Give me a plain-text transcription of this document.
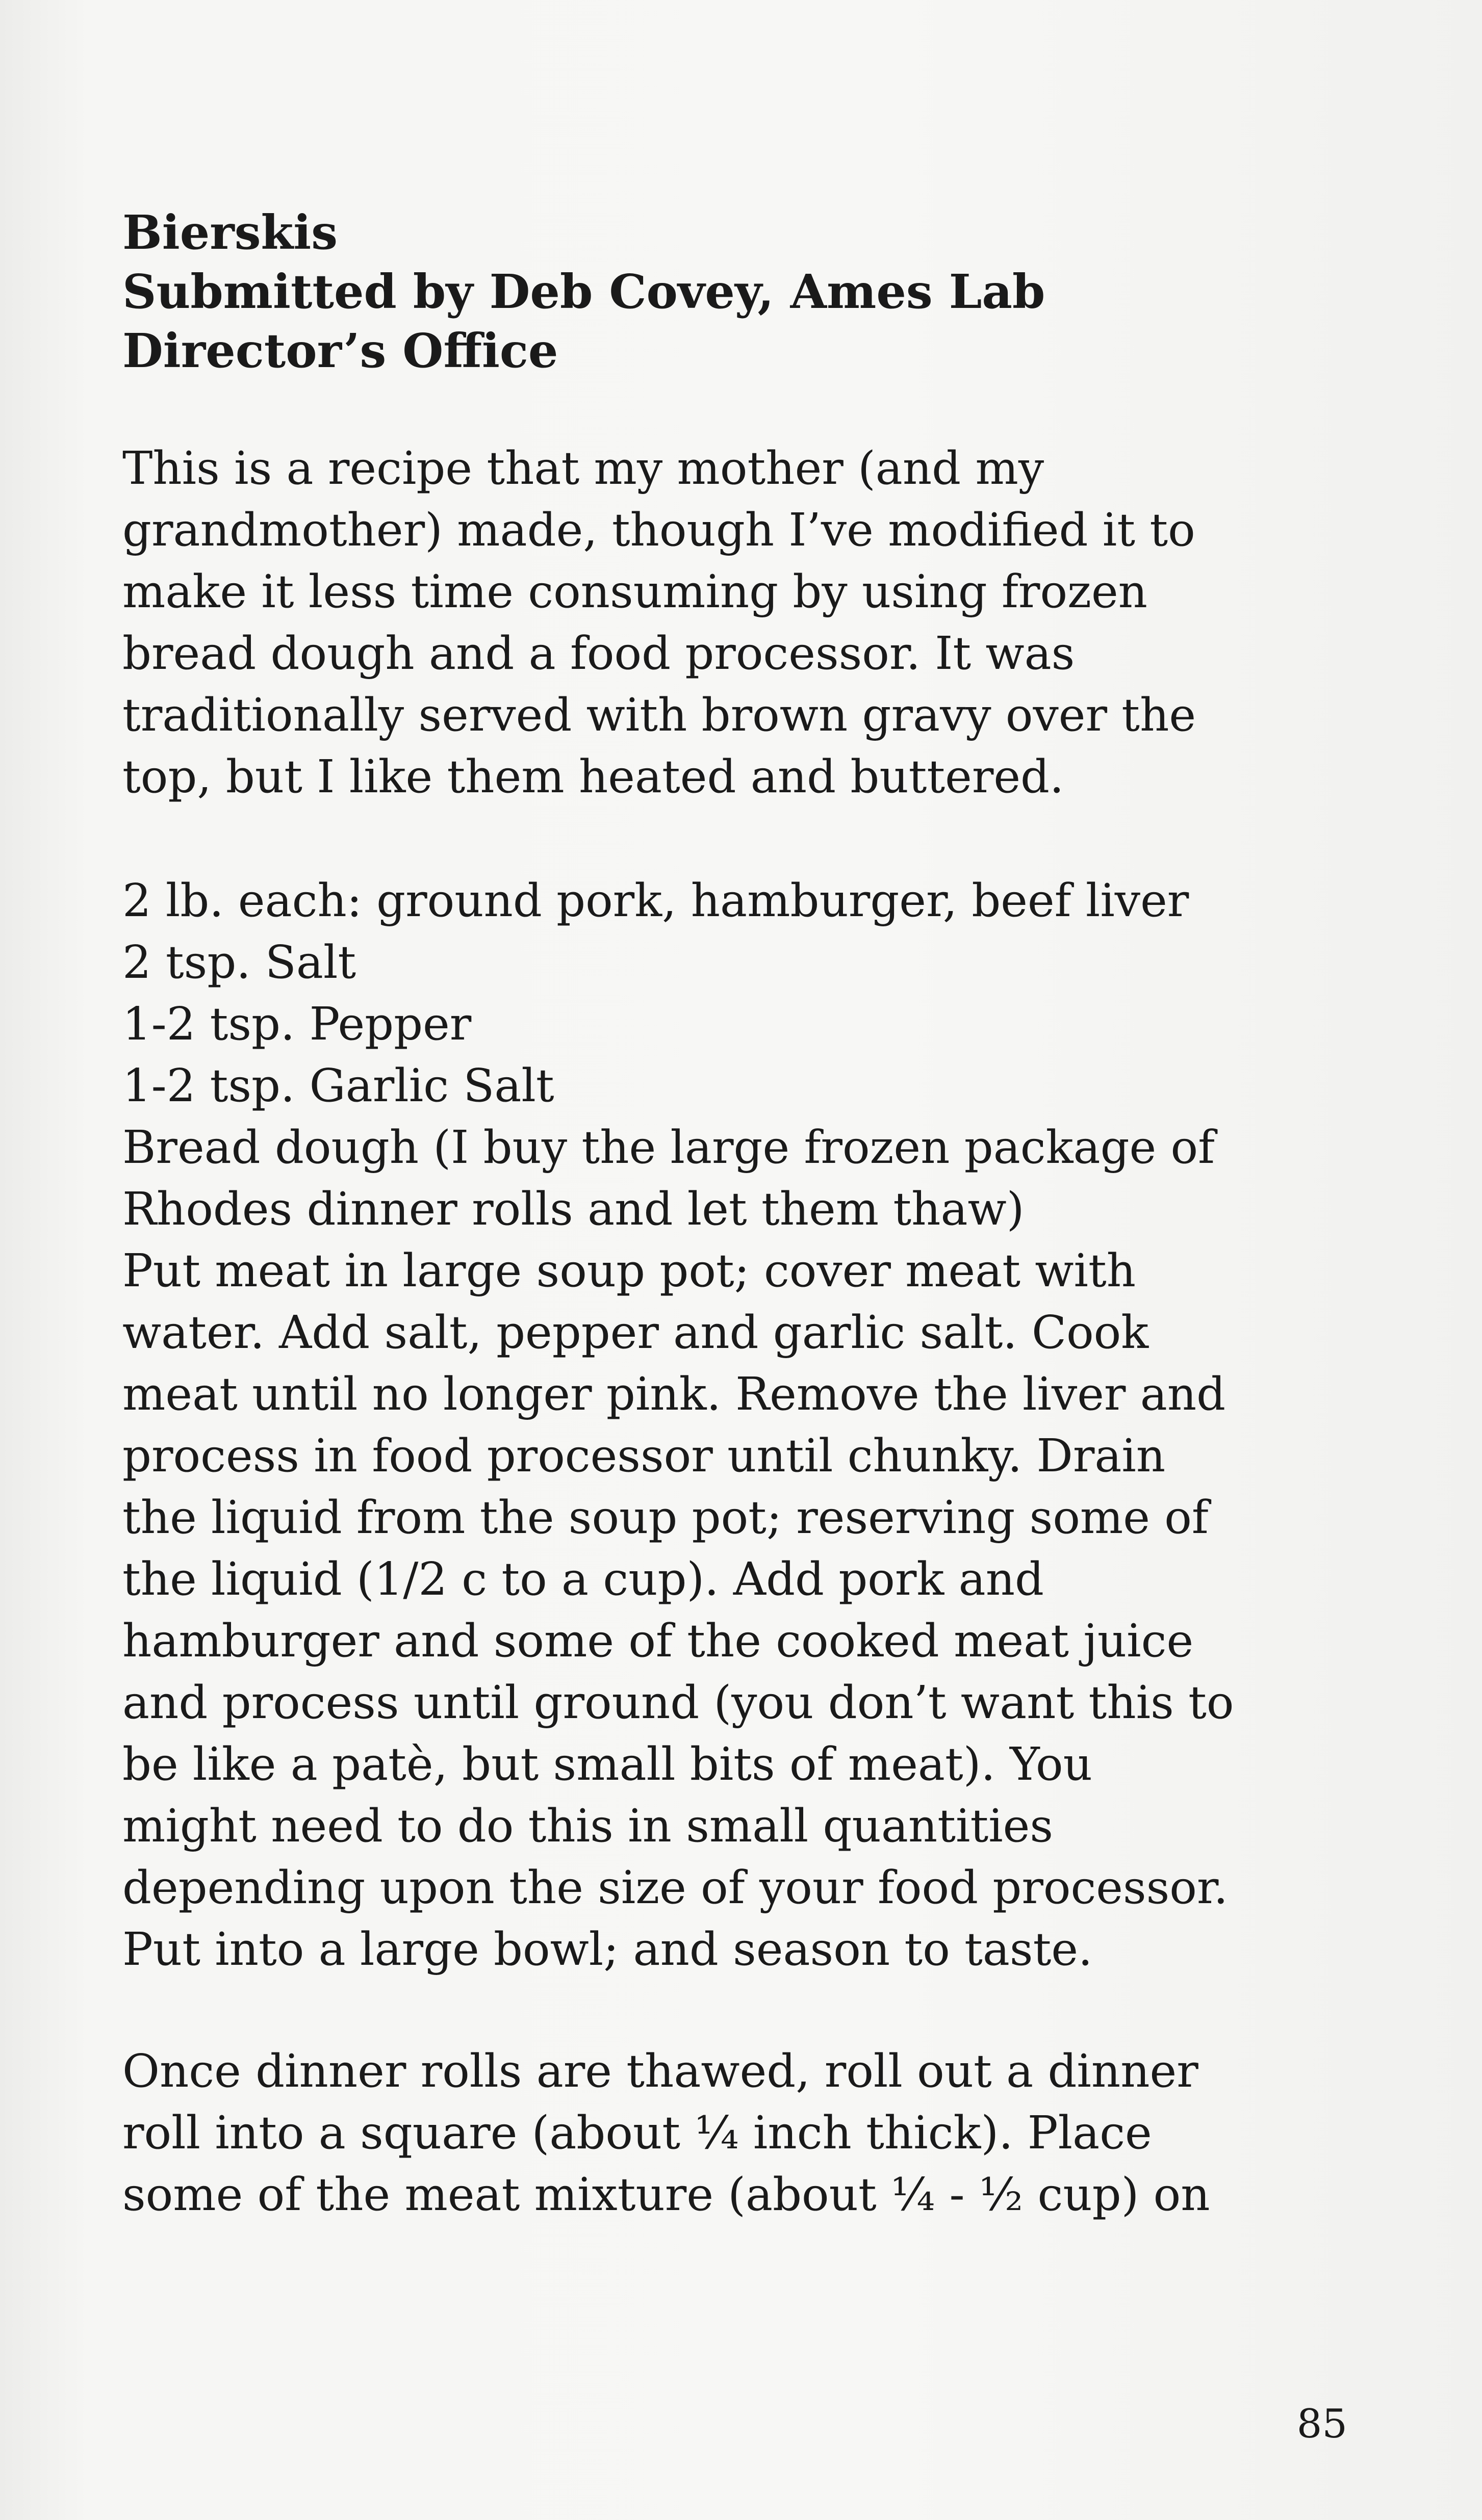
Bierskis
Submitted by Deb Covey, Ames Lab
Director’s Office

This is a recipe that my mother (and my
grandmother) made, though I’ve modified it to
make it less time consuming by using frozen
bread dough and a food processor. It was
traditionally served with brown gravy over the
top, but I like them heated and buttered.

2 lb. each: ground pork, hamburger, beef liver
2 tsp. Salt
1-2 tsp. Pepper
1-2 tsp. Garlic Salt
Bread dough (I buy the large frozen package of
Rhodes dinner rolls and let them thaw)

Put meat in large soup pot; cover meat with
water. Add salt, pepper and garlic salt. Cook
meat until no longer pink. Remove the liver and
process in food processor until chunky. Drain
the liquid from the soup pot; reserving some of
the liquid (1/2 c to a cup). Add pork and
hamburger and some of the cooked meat juice
and process until ground (you don’t want this to
be like a patè, but small bits of meat). You
might need to do this in small quantities
depending upon the size of your food processor.
Put into a large bowl; and season to taste.

Once dinner rolls are thawed, roll out a dinner
roll into a square (about ¼ inch thick). Place
some of the meat mixture (about ¼ - ½ cup) on

85
